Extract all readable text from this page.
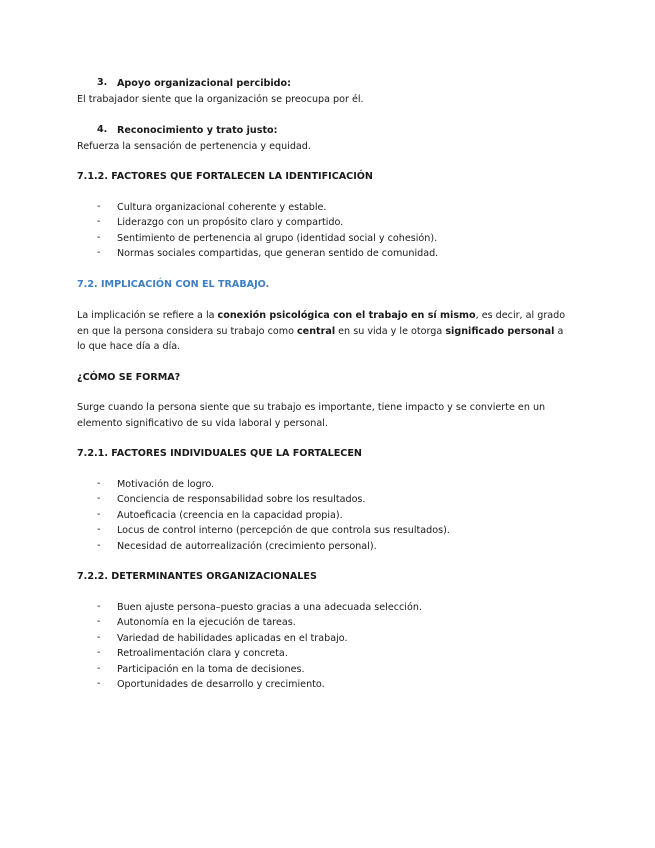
3. Apoyo organizacional percibido:
El trabajador siente que la organización se preocupa por él.
4. Reconocimiento y trato justo:
Refuerza la sensación de pertenencia y equidad.
7.1.2. FACTORES QUE FORTALECEN LA IDENTIFICACIÓN
- Cultura organizacional coherente y estable.
- Liderazgo con un propósito claro y compartido.
- Sentimiento de pertenencia al grupo (identidad social y cohesión).
- Normas sociales compartidas, que generan sentido de comunidad.
7.2. IMPLICACIÓN CON EL TRABAJO.
La implicación se refiere a la conexión psicológica con el trabajo en sí mismo, es decir, al grado en que la persona considera su trabajo como central en su vida y le otorga significado personal a lo que hace día a día.
¿CÓMO SE FORMA?
Surge cuando la persona siente que su trabajo es importante, tiene impacto y se convierte en un elemento significativo de su vida laboral y personal.
7.2.1. FACTORES INDIVIDUALES QUE LA FORTALECEN
- Motivación de logro.
- Conciencia de responsabilidad sobre los resultados.
- Autoeficacia (creencia en la capacidad propia).
- Locus de control interno (percepción de que controla sus resultados).
- Necesidad de autorrealización (crecimiento personal).
7.2.2. DETERMINANTES ORGANIZACIONALES
- Buen ajuste persona–puesto gracias a una adecuada selección.
- Autonomía en la ejecución de tareas.
- Variedad de habilidades aplicadas en el trabajo.
- Retroalimentación clara y concreta.
- Participación en la toma de decisiones.
- Oportunidades de desarrollo y crecimiento.
